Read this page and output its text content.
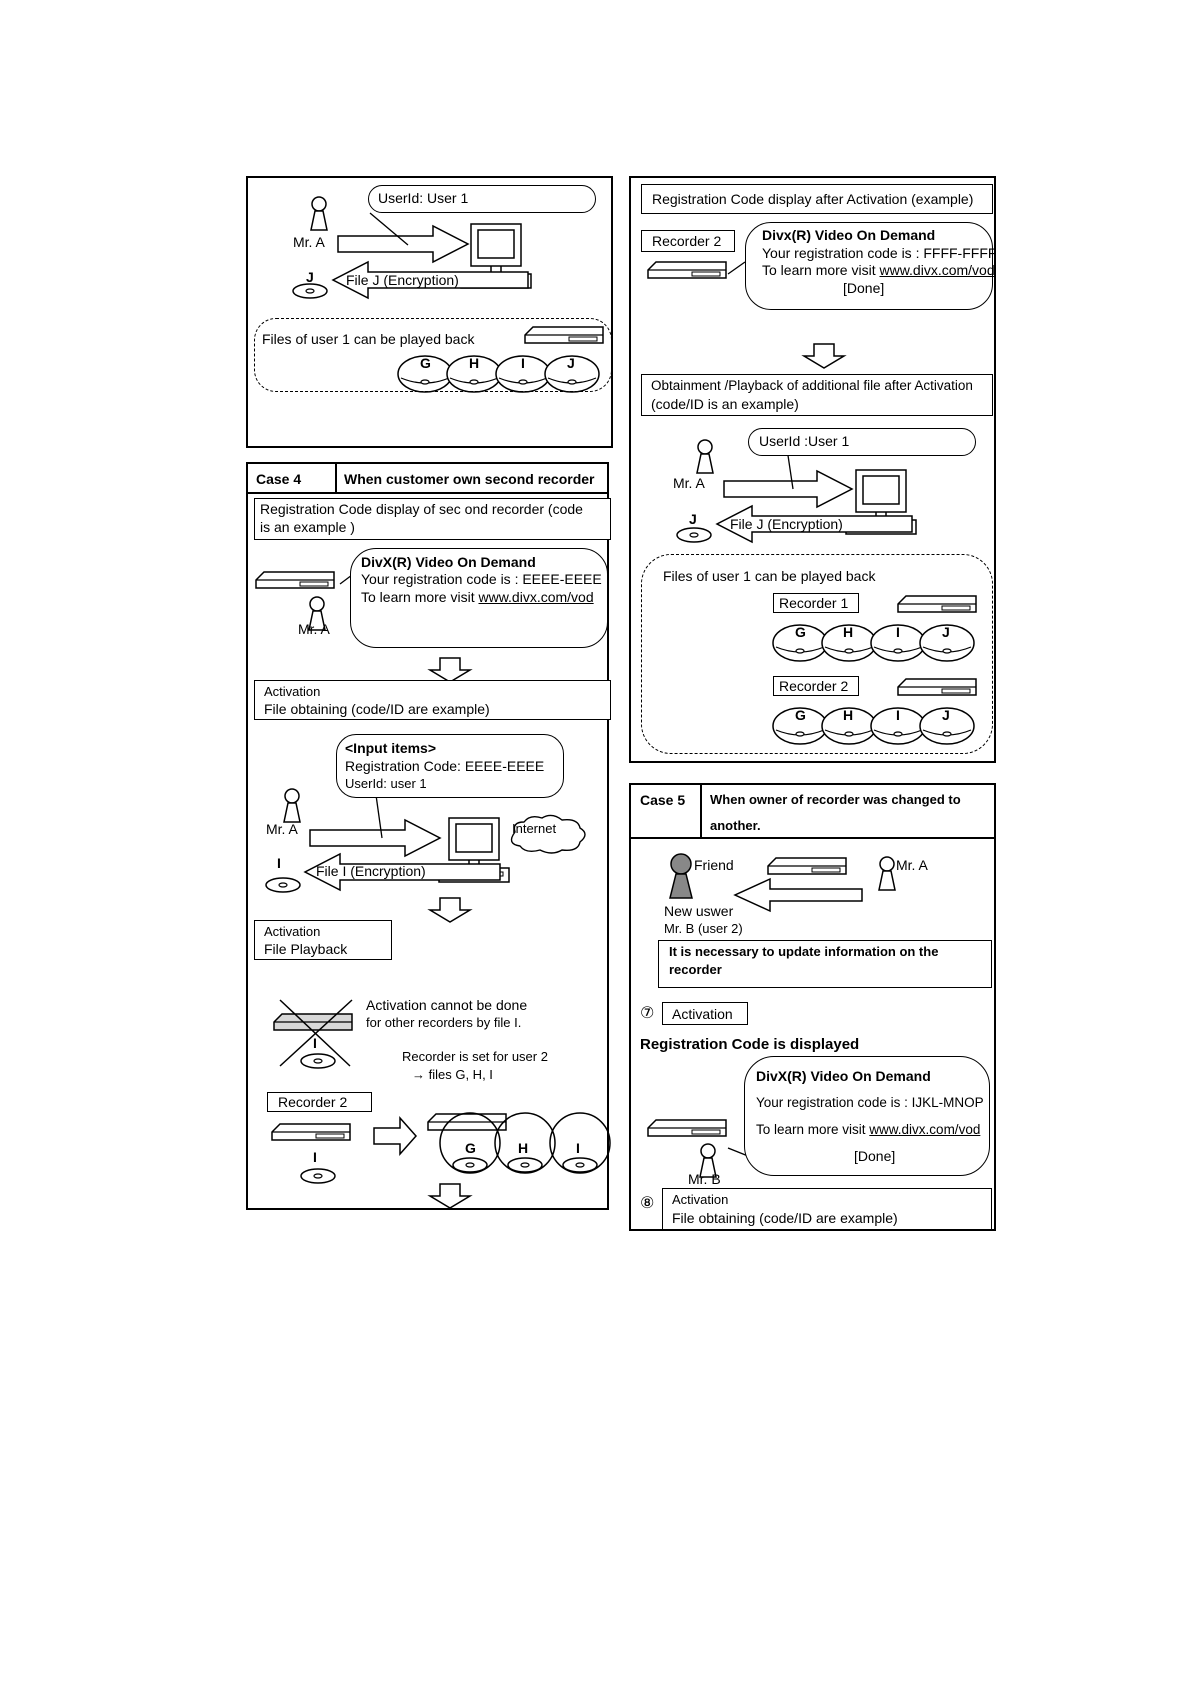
UserId: User 1
Mr. A
J File J (Encryption)
Files of user 1 can be played back
G	H	I	J
Case 4	When customer own second recorder
Registration Code display of sec ond recorder (code
is an example )
DivX(R) Video On Demand
Your registration code is : EEEE-EEEE
To learn more visit www.divx.com/vod
Mr. A
Activation
File obtaining (code/ID are example)
<Input items>
Registration Code: EEEE-EEEE
UserId: user 1
Mr. A	Internet
I	File I (Encryption)
Activation
File Playback
Activation cannot be done
for other recorders by file I.
I
Recorder is set for user 2
→ files G, H, I
Recorder 2
I
G	H	I
Registration Code display after Activation (example)
Recorder 2	Divx(R) Video On Demand
Your registration code is : FFFF-FFFF
To learn more visit www.divx.com/vod
[Done]
Obtainment /Playback of additional file after Activation
(code/ID is an example)
UserId :User 1
Mr. A
J File J (Encryption)
Files of user 1 can be played back
Recorder 1
G	H	I	J
Recorder 2
G	H	I	J
Case 5 When owner of recorder was changed to
another.
Friend	Mr. A
New uswer
Mr. B (user 2)
It is necessary to update information on the
recorder
⑦ Activation
Registration Code is displayed
DivX(R) Video On Demand
Your registration code is : IJKL-MNOP
To learn more visit www.divx.com/vod
[Done]
Mr. B
⑧ Activation
File obtaining (code/ID are example)
